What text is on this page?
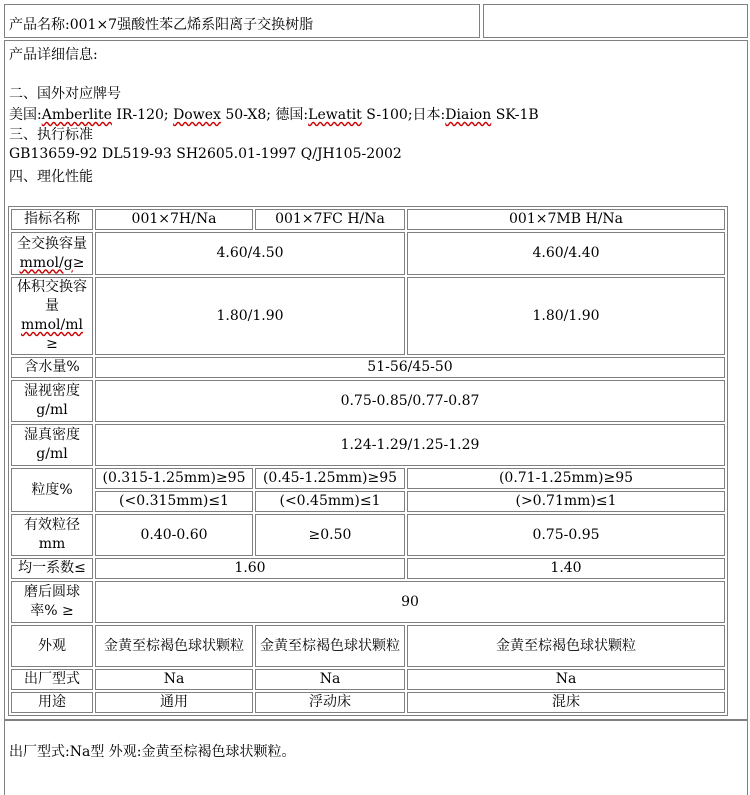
产品名称:001×7强酸性苯乙烯系阳离子交换树脂
产品详细信息:
二、国外对应牌号
美国:Amberlite IR-120; Dowex 50-X8; 德国:Lewatit S-100;日本:Diaion SK-1B
三、执行标准
GB13659-92 DL519-93 SH2605.01-1997 Q/JH105-2002
四、理化性能
指标名称	001×7H/Na	001×7FC H/Na	001×7MB H/Na
全交换容量
mmol/g≥	4.60/4.50		4.60/4.40
体积交换容
量 mmol/ml
≥	1.80/1.90		1.80/1.90
含水量%	51-56/45-50		
湿视密度
g/ml	0.75-0.85/0.77-0.87		
湿真密度
g/ml	1.24-1.29/1.25-1.29		
粒度%	(0.315-1.25mm)≥95	(0.45-1.25mm)≥95	(0.71-1.25mm)≥95
	(<0.315mm)≤1	(<0.45mm)≤1	(>0.71mm)≤1
有效粒径
mm	0.40-0.60	≥0.50	0.75-0.95
均一系数≤	1.60		1.40
磨后圆球
率% ≥	90		
外观	金黄至棕褐色球状颗粒	金黄至棕褐色球状颗粒	金黄至棕褐色球状颗粒
出厂型式	Na	Na	Na
用途	通用	浮动床	混床
出厂型式:Na型 外观:金黄至棕褐色球状颗粒。
